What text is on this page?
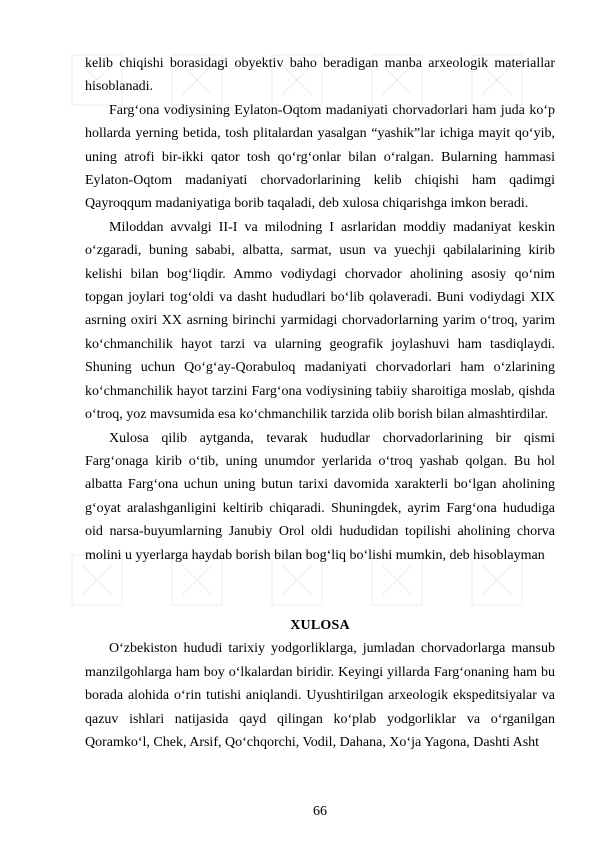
kelib chiqishi borasidagi obyektiv baho beradigan manba arxeologik materiallar hisoblanadi.

Farg‘ona vodiysining Eylaton-Oqtom madaniyati chorvadorlari ham juda ko‘p hollarda yerning betida, tosh plitalardan yasalgan “yashik”lar ichiga mayit qo‘yib, uning atrofi bir-ikki qator tosh qo‘rg‘onlar bilan o‘ralgan. Bularning hammasi Eylaton-Oqtom madaniyati chorvadorlarining kelib chiqishi ham qadimgi Qayroqqum madaniyatiga borib taqaladi, deb xulosa chiqarishga imkon beradi.

Miloddan avvalgi II-I va milodning I asrlaridan moddiy madaniyat keskin o‘zgaradi, buning sababi, albatta, sarmat, usun va yuechji qabilalarining kirib kelishi bilan bog‘liqdir. Ammo vodiydagi chorvador aholining asosiy qo‘nim topgan joylari tog‘oldi va dasht hududlari bo‘lib qolaveradi. Buni vodiydagi XIX asrning oxiri XX asrning birinchi yarmidagi chorvadorlarning yarim o‘troq, yarim ko‘chmanchilik hayot tarzi va ularning geografik joylashuvi ham tasdiqlaydi. Shuning uchun Qo‘g‘ay-Qorabuloq madaniyati chorvadorlari ham o‘zlarining ko‘chmanchilik hayot tarzini Farg‘ona vodiysining tabiiy sharoitiga moslab, qishda o‘troq, yoz mavsumida esa ko‘chmanchilik tarzida olib borish bilan almashtirdilar.

Xulosa qilib aytganda, tevarak hududlar chorvadorlarining bir qismi Farg‘onaga kirib o‘tib, uning unumdor yerlarida o‘troq yashab qolgan. Bu hol albatta Farg‘ona uchun uning butun tarixi davomida xarakterli bo‘lgan aholining g‘oyat aralashganligini keltirib chiqaradi. Shuningdek, ayrim Farg‘ona hududiga oid narsa-buyumlarning Janubiy Orol oldi hududidan topilishi aholining chorva molini u yyerlarga haydab borish bilan bog‘liq bo‘lishi mumkin, deb hisoblayman

XULOSA

O‘zbekiston hududi tarixiy yodgorliklarga, jumladan chorvadorlarga mansub manzilgohlarga ham boy o‘lkalardan biridir. Keyingi yillarda Farg‘onaning ham bu borada alohida o‘rin tutishi aniqlandi. Uyushtirilgan arxeologik ekspeditsiyalar va qazuv ishlari natijasida qayd qilingan ko‘plab yodgorliklar va o‘rganilgan Qoramko‘l, Chek, Arsif, Qo‘chqorchi, Vodil, Dahana, Xo‘ja Yagona, Dashti Asht

66
